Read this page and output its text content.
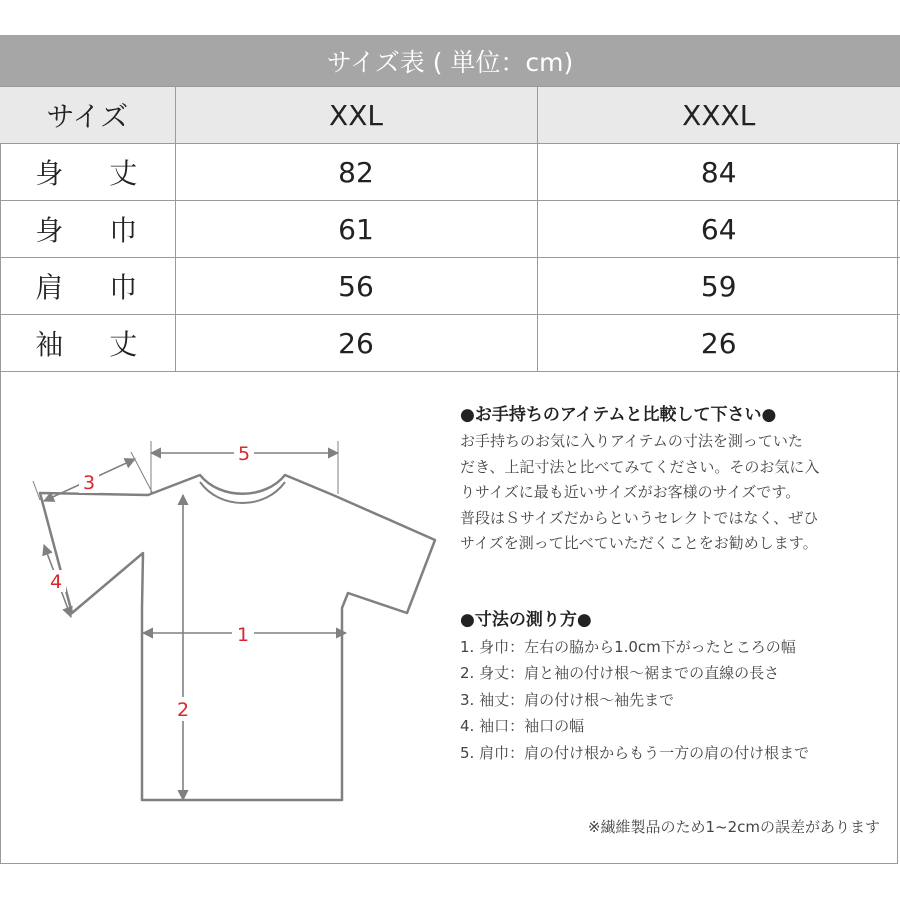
サイズ表 ( 単位：cm)
サイズ	XXL	XXXL
身 丈	82	84
身 巾	61	64
肩 巾	56	59
袖 丈	26	26
5
1
2
3
4

●お手持ちのアイテムと比較して下さい●

お手持ちのお気に入りアイテムの寸法を測っていた
だき、上記寸法と比べてみてください。そのお気に入
りサイズに最も近いサイズがお客様のサイズです。
普段はＳサイズだからというセレクトではなく、ぜひ
サイズを測って比べていただくことをお勧めします。

●寸法の測り方●

1. 身巾：左右の脇から1.0cm下がったところの幅
2. 身丈：肩と袖の付け根～裾までの直線の長さ
3. 袖丈：肩の付け根～袖先まで
4. 袖口：袖口の幅
5. 肩巾：肩の付け根からもう一方の肩の付け根まで
※繊維製品のため1~2cmの誤差があります
